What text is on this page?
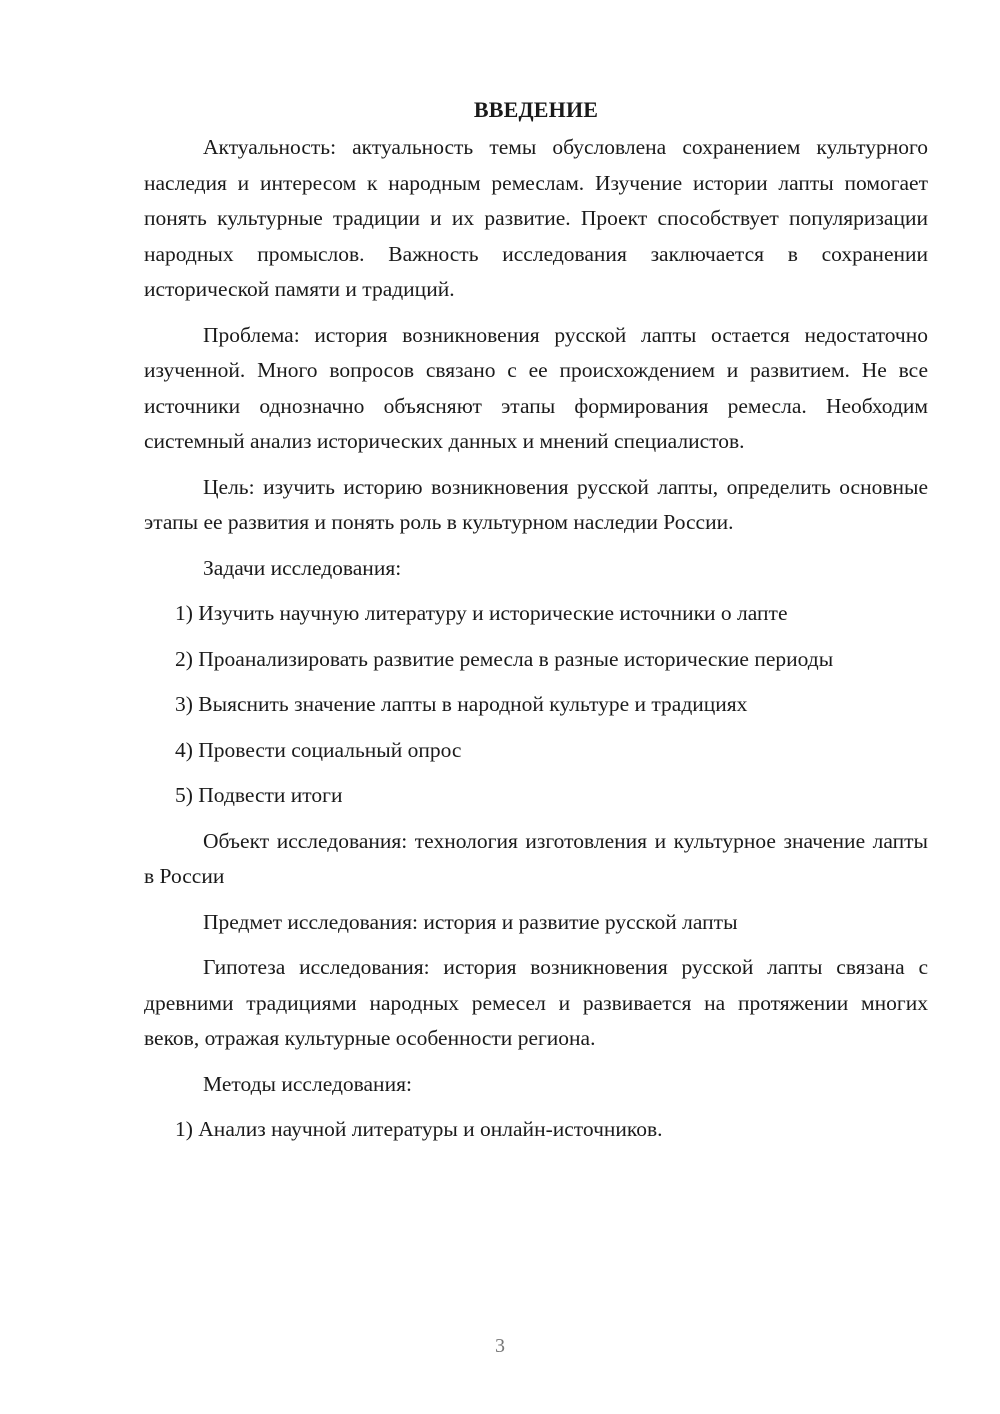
ВВЕДЕНИЕ

Актуальность: актуальность темы обусловлена сохранением культурного наследия и интересом к народным ремеслам. Изучение истории лапты помогает понять культурные традиции и их развитие. Проект способствует популяризации народных промыслов. Важность исследования заключается в сохранении исторической памяти и традиций.

Проблема: история возникновения русской лапты остается недостаточно изученной. Много вопросов связано с ее происхождением и развитием. Не все источники однозначно объясняют этапы формирования ремесла. Необходим системный анализ исторических данных и мнений специалистов.

Цель: изучить историю возникновения русской лапты, определить основные этапы ее развития и понять роль в культурном наследии России.

Задачи исследования:

1) Изучить научную литературу и исторические источники о лапте

2) Проанализировать развитие ремесла в разные исторические периоды

3) Выяснить значение лапты в народной культуре и традициях

4) Провести социальный опрос

5) Подвести итоги

Объект исследования: технология изготовления и культурное значение лапты в России

Предмет исследования: история и развитие русской лапты

Гипотеза исследования: история возникновения русской лапты связана с древними традициями народных ремесел и развивается на протяжении многих веков, отражая культурные особенности региона.

Методы исследования:

1) Анализ научной литературы и онлайн-источников.

3
